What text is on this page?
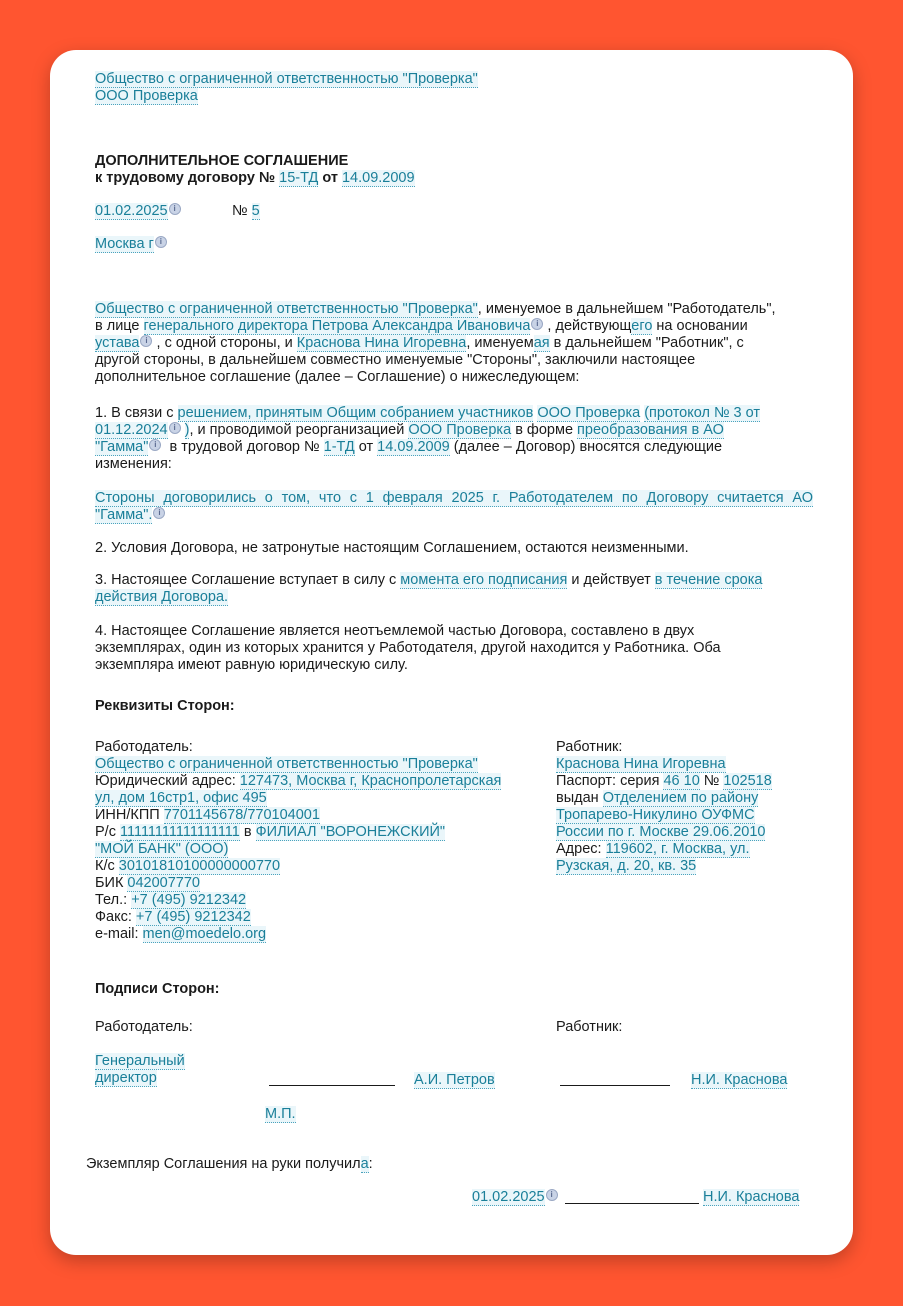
Общество с ограниченной ответственностью "Проверка"
ООО Проверка
ДОПОЛНИТЕЛЬНОЕ СОГЛАШЕНИЕ
к трудовому договору № 15-ТД от 14.09.2009
01.02.2025 i	№ 5
Москва г i
Общество с ограниченной ответственностью "Проверка", именуемое в дальнейшем "Работодатель",
в лице генерального директора Петрова Александра Ивановича i , действующего на основании
устава i , с одной стороны, и Краснова Нина Игоревна, именуемая в дальнейшем "Работник", с
другой стороны, в дальнейшем совместно именуемые "Стороны", заключили настоящее
дополнительное соглашение (далее – Соглашение) о нижеследующем:
1. В связи с решением, принятым Общим собранием участников ООО Проверка (протокол № 3 от
01.12.2024 i ), и проводимой реорганизацией ООО Проверка в форме преобразования в АО
"Гамма" i в трудовой договор № 1-ТД от 14.09.2009 (далее – Договор) вносятся следующие
изменения:
Стороны договорились о том, что с 1 февраля 2025 г. Работодателем по Договору считается АО
"Гамма". i
2. Условия Договора, не затронутые настоящим Соглашением, остаются неизменными.
3. Настоящее Соглашение вступает в силу с момента его подписания и действует в течение срока
действия Договора.
4. Настоящее Соглашение является неотъемлемой частью Договора, составлено в двух
экземплярах, один из которых хранится у Работодателя, другой находится у Работника. Оба
экземпляра имеют равную юридическую силу.
Реквизиты Сторон:
Работодатель:
Общество с ограниченной ответственностью "Проверка"
Юридический адрес: 127473, Москва г, Краснопролетарская
ул, дом 16стр1, офис 495
ИНН/КПП 7701145678/770104001
Р/с 11111111111111111 в ФИЛИАЛ "ВОРОНЕЖСКИЙ"
"МОЙ БАНК" (ООО)
К/с 30101810100000000770
БИК 042007770
Тел.: +7 (495) 9212342
Факс: +7 (495) 9212342
e-mail: men@moedelo.org
Работник:
Краснова Нина Игоревна
Паспорт: серия 46 10 № 102518
выдан Отделением по району
Тропарево-Никулино ОУФМС
России по г. Москве 29.06.2010
Адрес: 119602, г. Москва, ул.
Рузская, д. 20, кв. 35
Подписи Сторон:
Работодатель:	Работник:
Генеральный
директор	А.И. Петров	Н.И. Краснова
М.П.
Экземпляр Соглашения на руки получила:
01.02.2025 i	Н.И. Краснова
